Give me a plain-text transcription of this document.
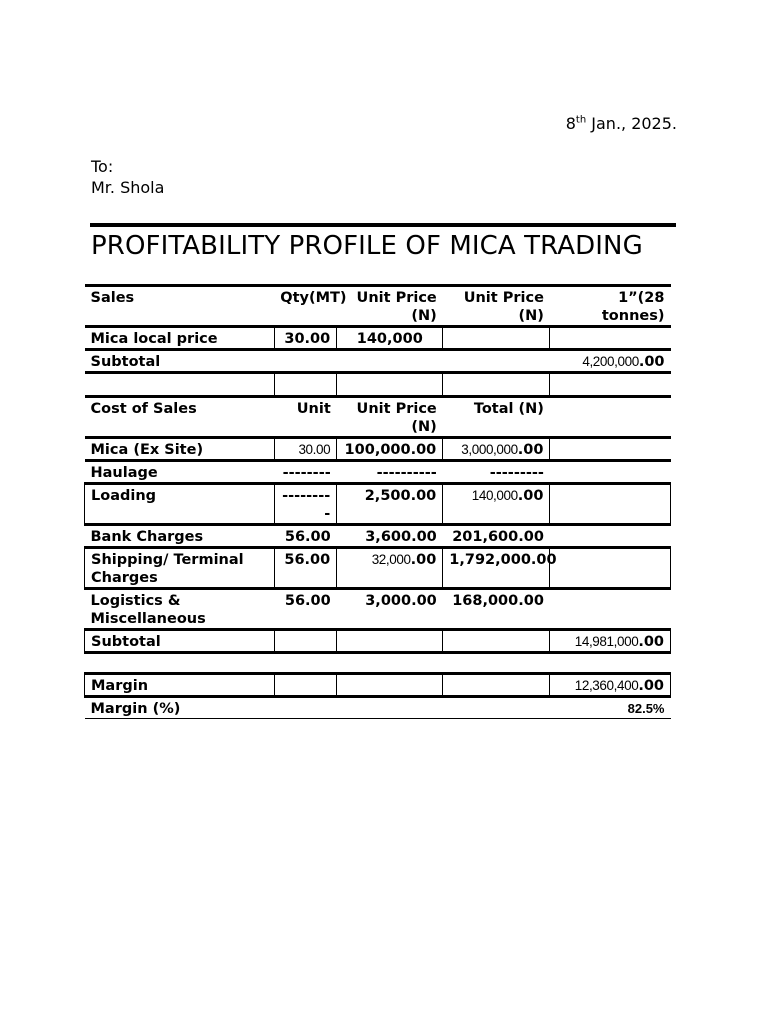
8th Jan., 2025.
To:
Mr. Shola
PROFITABILITY PROFILE OF MICA TRADING
Sales	Qty(MT)	Unit Price (N)	Unit Price (N)	1”(28 tonnes)
Mica local price	30.00	140,000		
Subtotal				4,200,000.00

Cost of Sales	Unit	Unit Price (N)	Total (N)	
Mica (Ex Site)	30.00	100,000.00	3,000,000.00	
Haulage	--------	----------	---------	
Loading	---------	2,500.00	140,000.00	
Bank Charges	56.00	3,600.00	201,600.00	
Shipping/ Terminal Charges	56.00	32,000.00	1,792,000.00	
Logistics & Miscellaneous	56.00	3,000.00	168,000.00	
Subtotal				14,981,000.00

Margin				12,360,400.00
Margin (%)				82.5%
